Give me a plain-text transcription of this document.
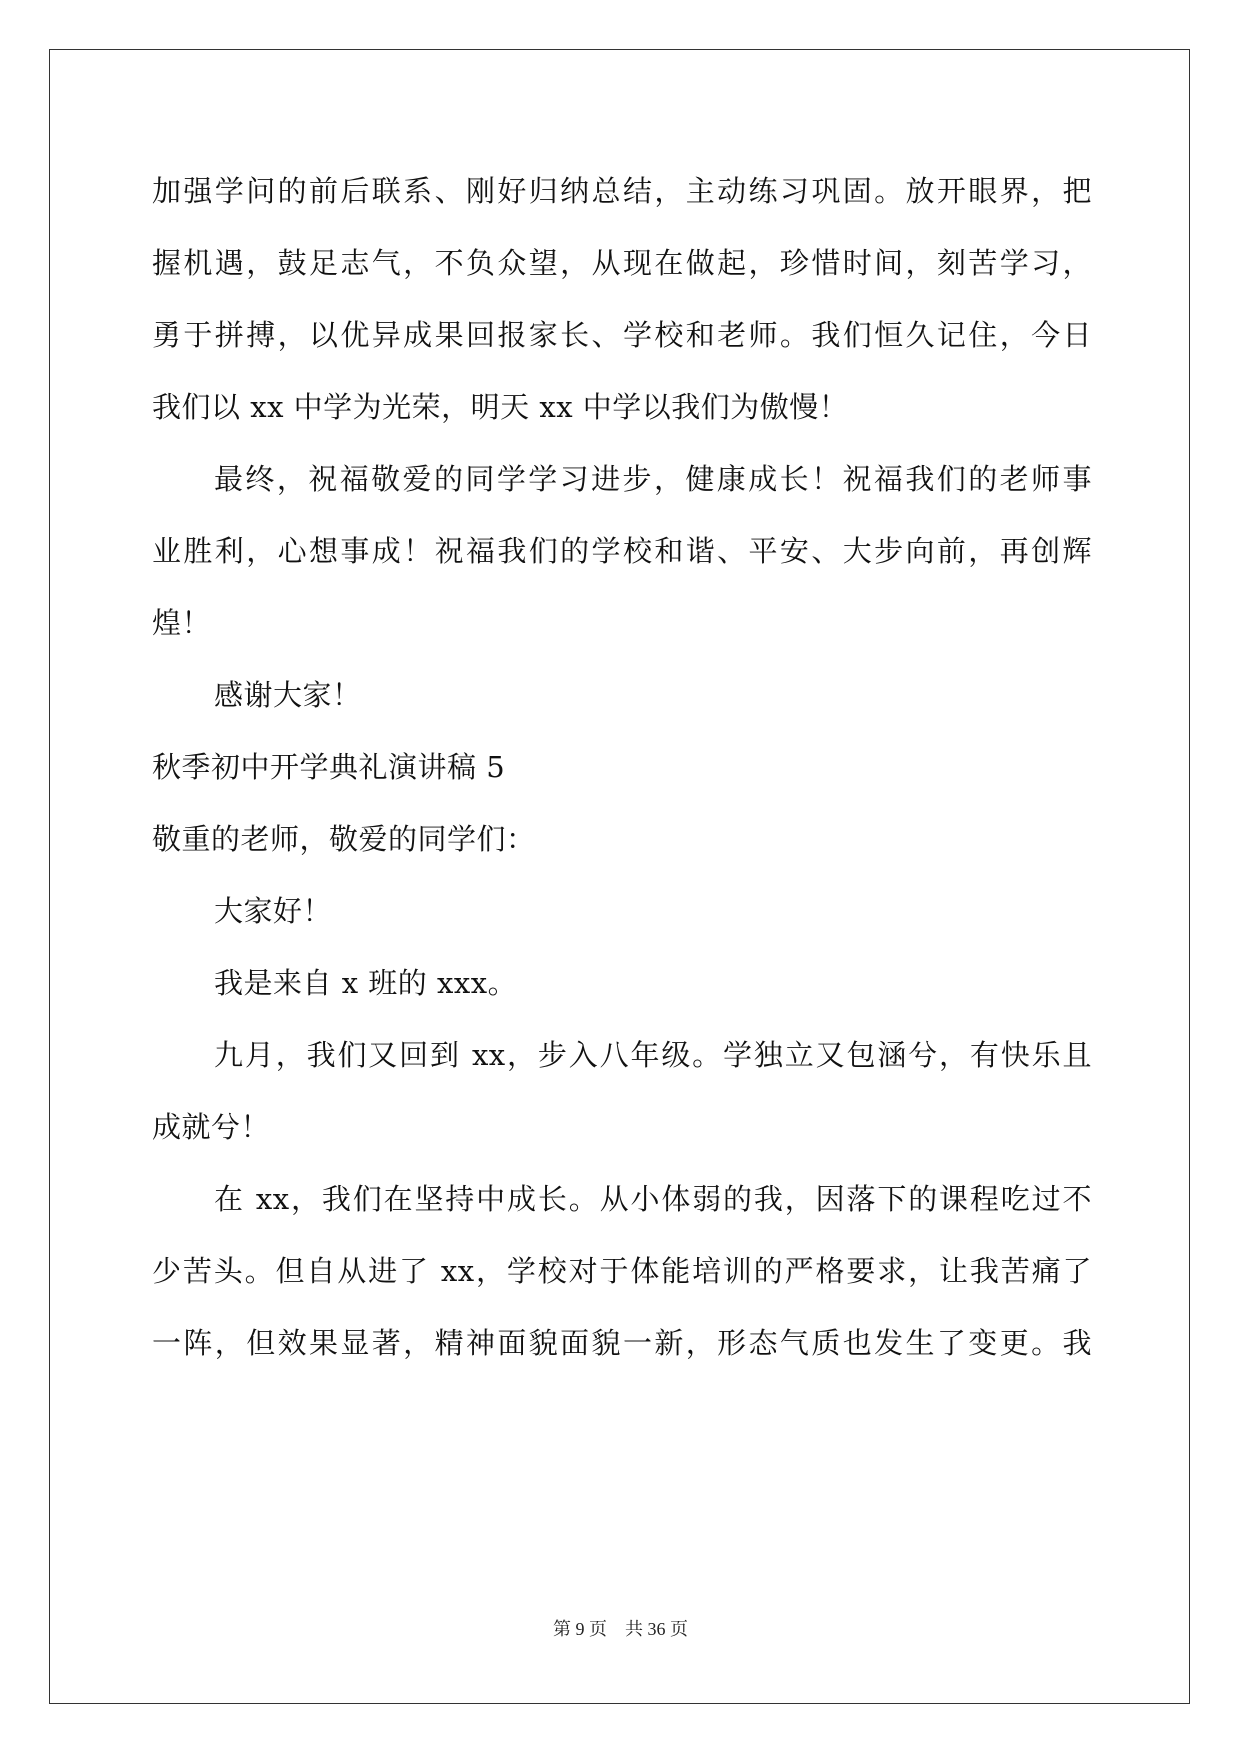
加强学问的前后联系、刚好归纳总结，主动练习巩固。放开眼界，把
握机遇，鼓足志气，不负众望，从现在做起，珍惜时间，刻苦学习，
勇于拼搏，以优异成果回报家长、学校和老师。我们恒久记住，今日
我们以 xx 中学为光荣，明天 xx 中学以我们为傲慢！
最终，祝福敬爱的同学学习进步，健康成长！祝福我们的老师事
业胜利，心想事成！祝福我们的学校和谐、平安、大步向前，再创辉
煌！
感谢大家！
秋季初中开学典礼演讲稿 5
敬重的老师，敬爱的同学们：
大家好！
我是来自 x 班的 xxx。
九月，我们又回到 xx，步入八年级。学独立又包涵兮，有快乐且
成就兮！
在 xx，我们在坚持中成长。从小体弱的我，因落下的课程吃过不
少苦头。但自从进了 xx，学校对于体能培训的严格要求，让我苦痛了
一阵，但效果显著，精神面貌面貌一新，形态气质也发生了变更。我
第 9 页 共 36 页
